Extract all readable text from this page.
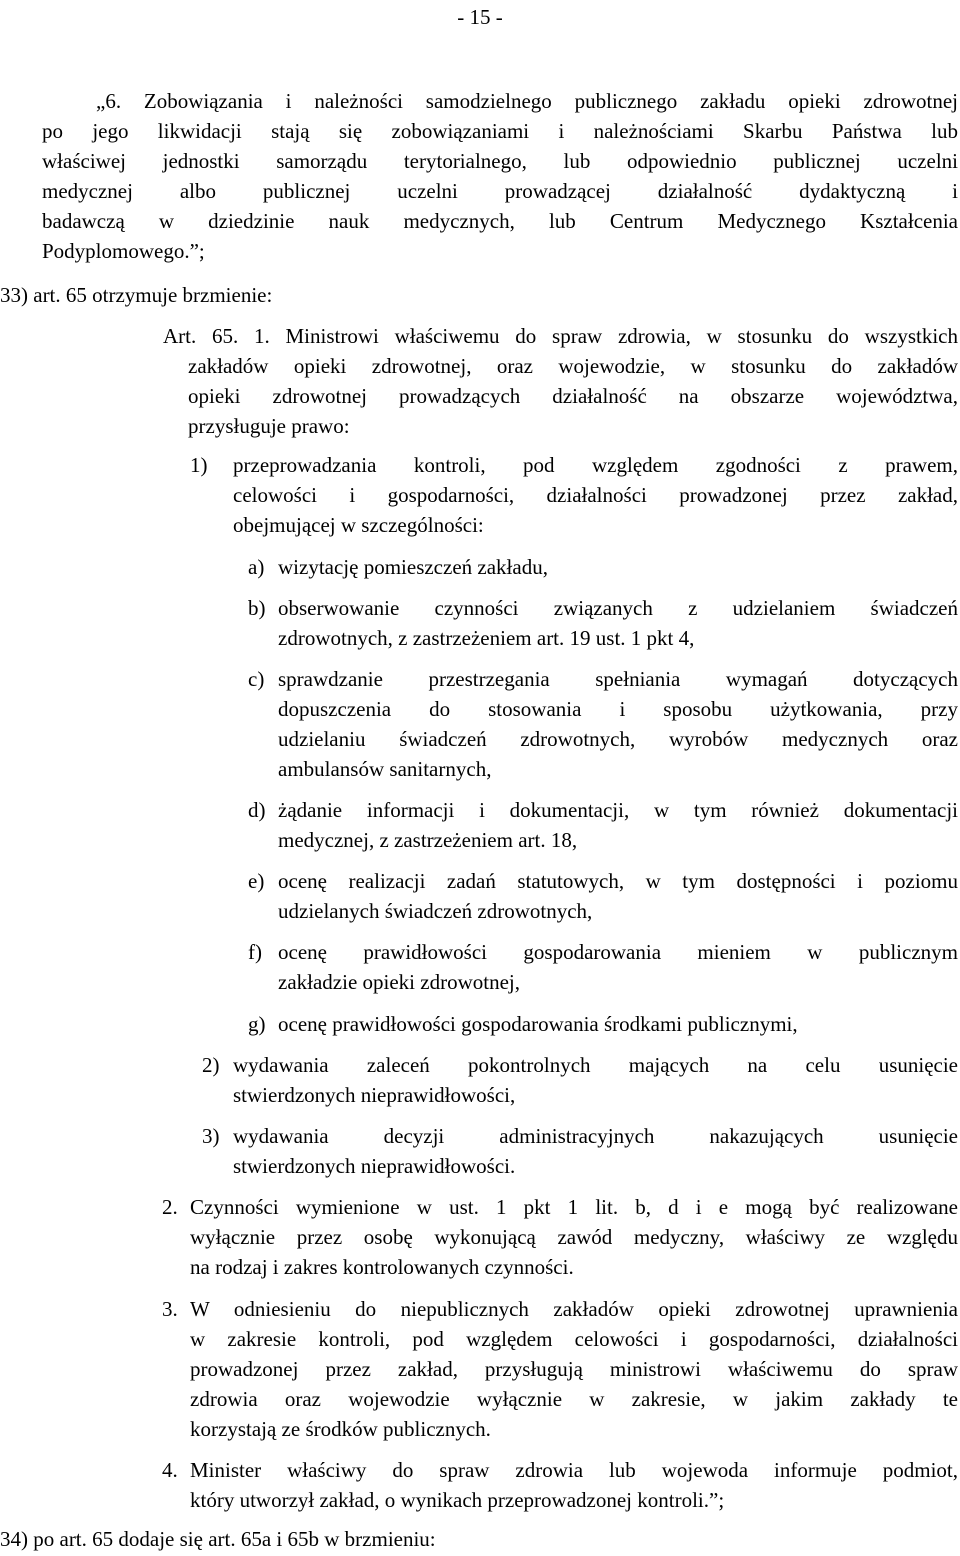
- 15 -
„6. Zobowiązania i należności samodzielnego publicznego zakładu opieki zdrowotnej
po jego likwidacji stają się zobowiązaniami i należnościami Skarbu Państwa lub
właściwej jednostki samorządu terytorialnego, lub odpowiednio publicznej uczelni
medycznej albo publicznej uczelni prowadzącej działalność dydaktyczną i
badawczą w dziedzinie nauk medycznych, lub Centrum Medycznego Kształcenia
Podyplomowego.”;
33) art. 65 otrzymuje brzmienie:
Art. 65. 1. Ministrowi właściwemu do spraw zdrowia, w stosunku do wszystkich
zakładów opieki zdrowotnej, oraz wojewodzie, w stosunku do zakładów
opieki zdrowotnej prowadzących działalność na obszarze województwa,
przysługuje prawo:
1) przeprowadzania kontroli, pod względem zgodności z prawem,
celowości i gospodarności, działalności prowadzonej przez zakład,
obejmującej w szczególności:
a) wizytację pomieszczeń zakładu,
b) obserwowanie czynności związanych z udzielaniem świadczeń
zdrowotnych, z zastrzeżeniem art. 19 ust. 1 pkt 4,
c) sprawdzanie przestrzegania spełniania wymagań dotyczących
dopuszczenia do stosowania i sposobu użytkowania, przy
udzielaniu świadczeń zdrowotnych, wyrobów medycznych oraz
ambulansów sanitarnych,
d) żądanie informacji i dokumentacji, w tym również dokumentacji
medycznej, z zastrzeżeniem art. 18,
e) ocenę realizacji zadań statutowych, w tym dostępności i poziomu
udzielanych świadczeń zdrowotnych,
f) ocenę prawidłowości gospodarowania mieniem w publicznym
zakładzie opieki zdrowotnej,
g) ocenę prawidłowości gospodarowania środkami publicznymi,
2) wydawania zaleceń pokontrolnych mających na celu usunięcie
stwierdzonych nieprawidłowości,
3) wydawania decyzji administracyjnych nakazujących usunięcie
stwierdzonych nieprawidłowości.
2. Czynności wymienione w ust. 1 pkt 1 lit. b, d i e mogą być realizowane
wyłącznie przez osobę wykonującą zawód medyczny, właściwy ze względu
na rodzaj i zakres kontrolowanych czynności.
3. W odniesieniu do niepublicznych zakładów opieki zdrowotnej uprawnienia
w zakresie kontroli, pod względem celowości i gospodarności, działalności
prowadzonej przez zakład, przysługują ministrowi właściwemu do spraw
zdrowia oraz wojewodzie wyłącznie w zakresie, w jakim zakłady te
korzystają ze środków publicznych.
4. Minister właściwy do spraw zdrowia lub wojewoda informuje podmiot,
który utworzył zakład, o wynikach przeprowadzonej kontroli.”;
34) po art. 65 dodaje się art. 65a i 65b w brzmieniu:
